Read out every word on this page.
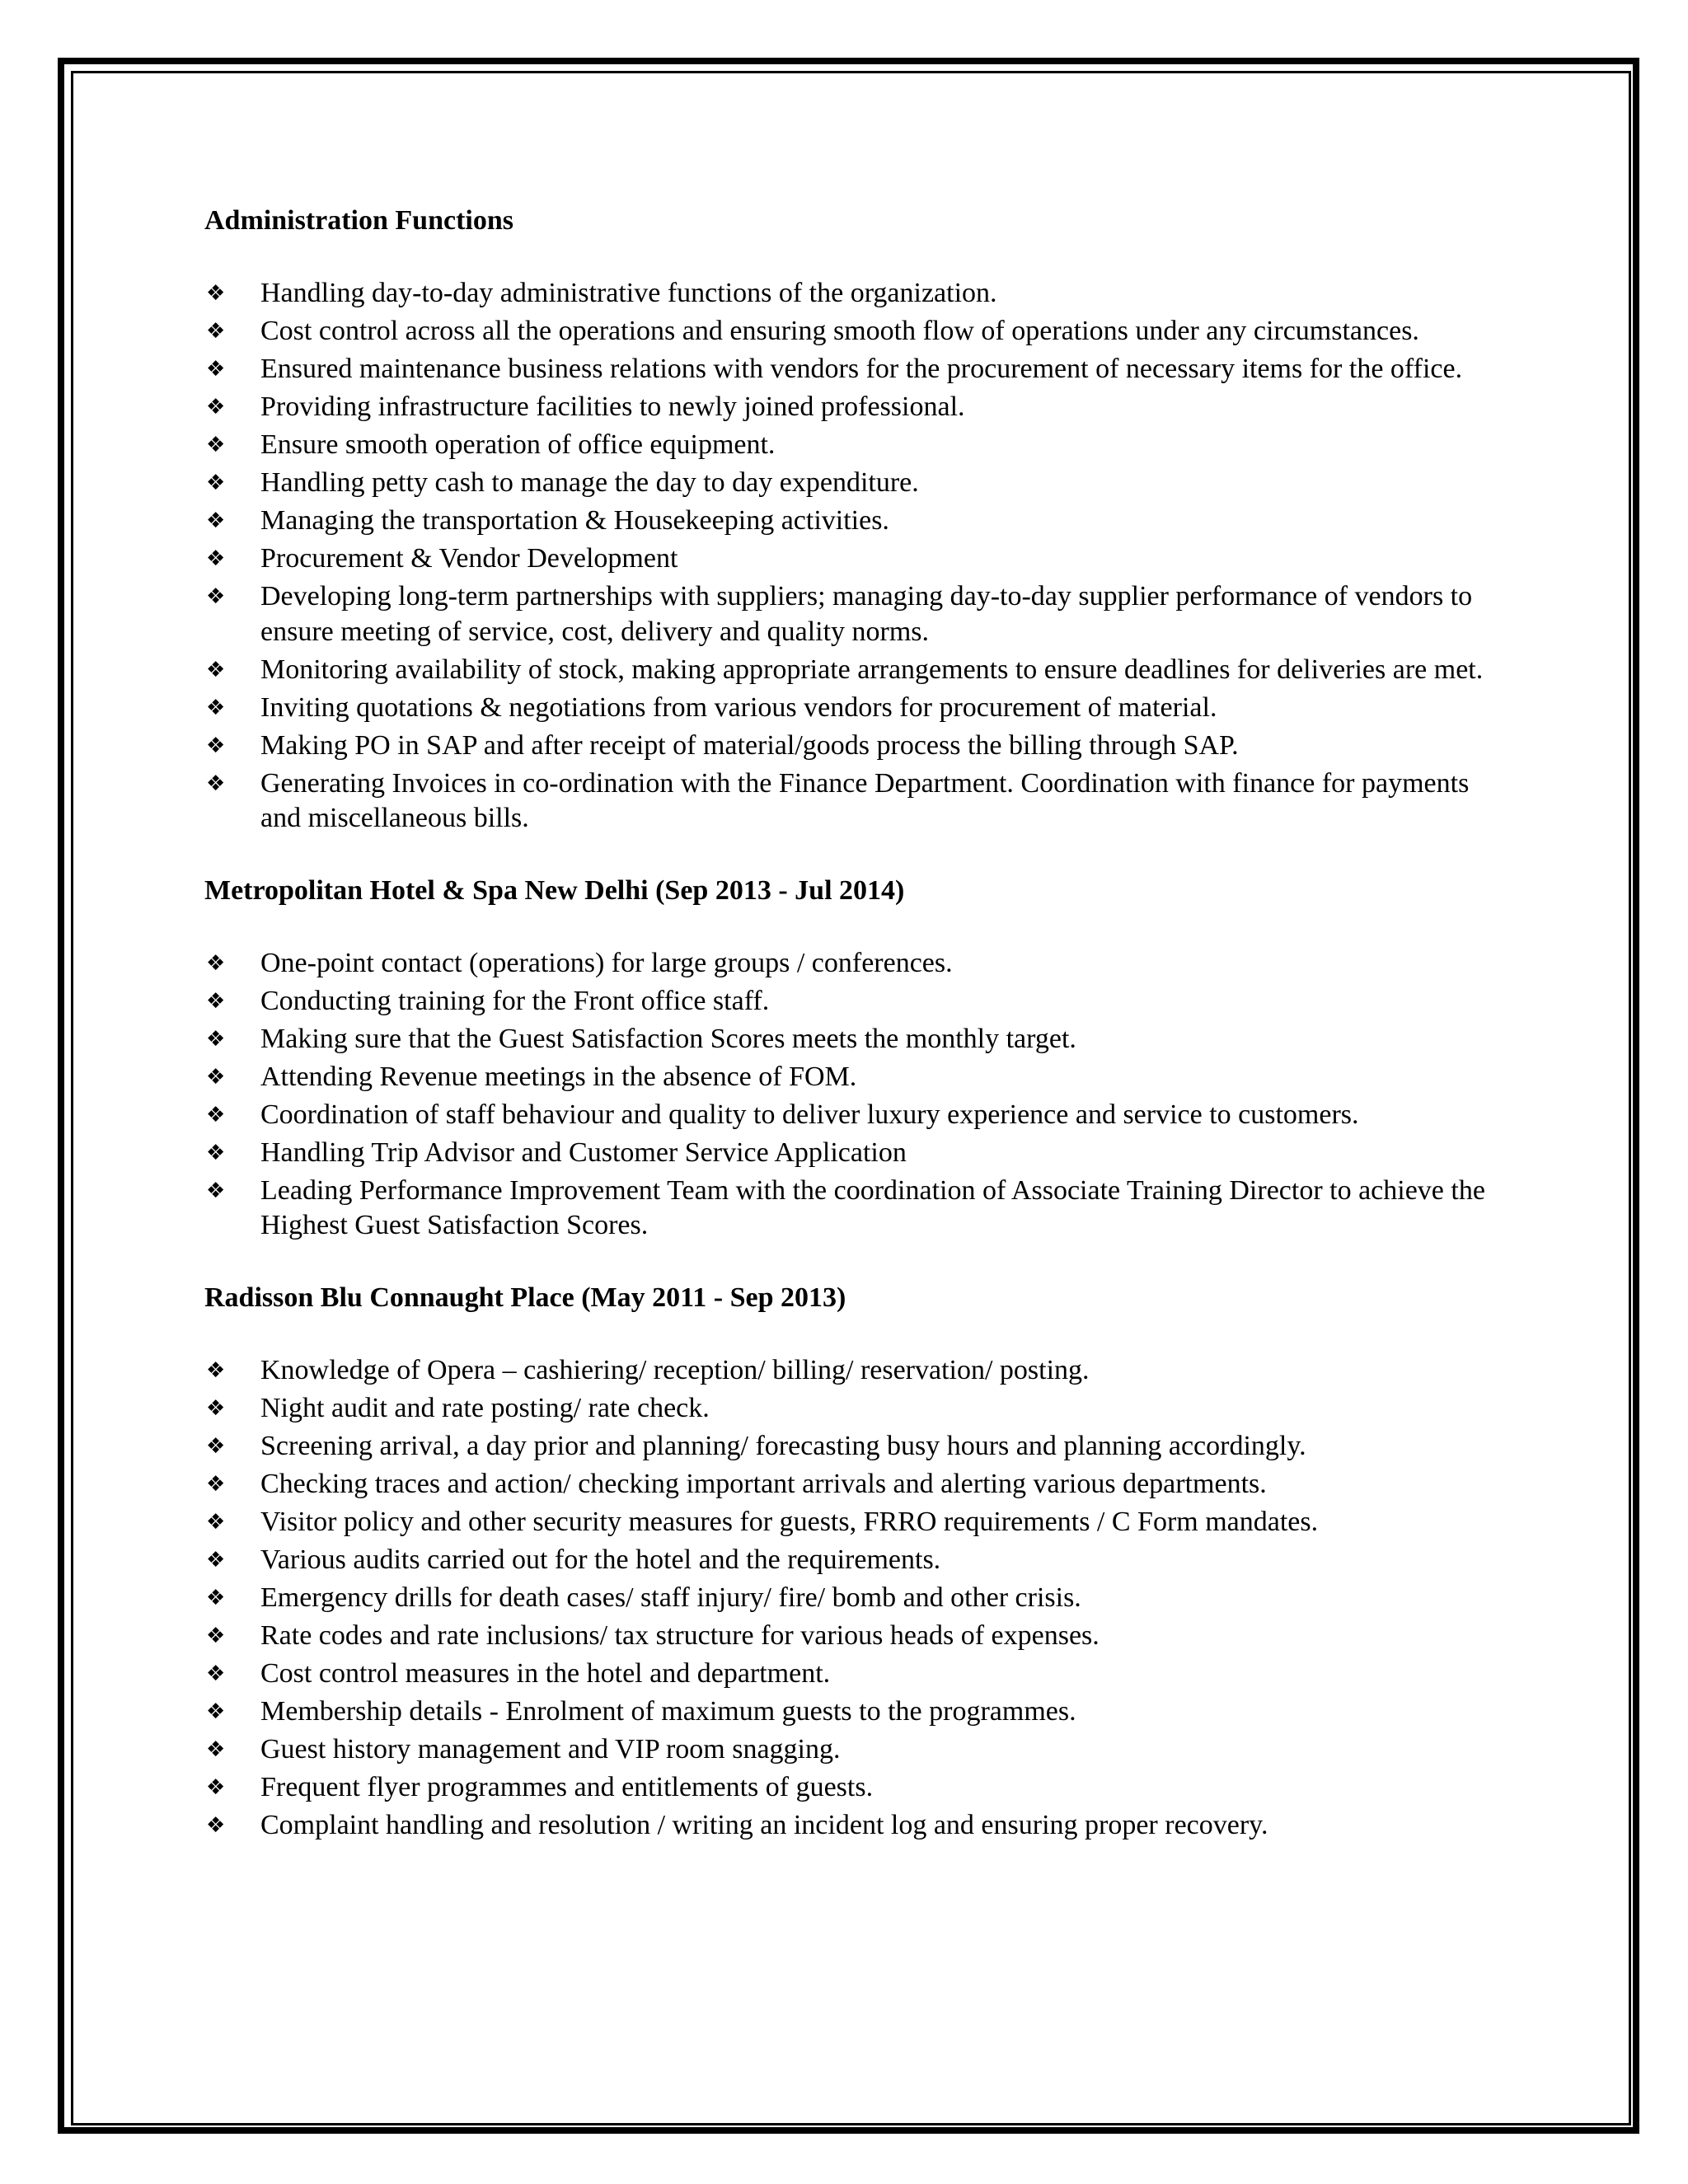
Administration Functions
❖ Handling day-to-day administrative functions of the organization.
❖ Cost control across all the operations and ensuring smooth flow of operations under any circumstances.
❖ Ensured maintenance business relations with vendors for the procurement of necessary items for the office.
❖ Providing infrastructure facilities to newly joined professional.
❖ Ensure smooth operation of office equipment.
❖ Handling petty cash to manage the day to day expenditure.
❖ Managing the transportation & Housekeeping activities.
❖ Procurement & Vendor Development
❖ Developing long-term partnerships with suppliers; managing day-to-day supplier performance of vendors to ensure meeting of service, cost, delivery and quality norms.
❖ Monitoring availability of stock, making appropriate arrangements to ensure deadlines for deliveries are met.
❖ Inviting quotations & negotiations from various vendors for procurement of material.
❖ Making PO in SAP and after receipt of material/goods process the billing through SAP.
❖ Generating Invoices in co-ordination with the Finance Department. Coordination with finance for payments and miscellaneous bills.
Metropolitan Hotel & Spa New Delhi (Sep 2013 - Jul 2014)
❖ One-point contact (operations) for large groups / conferences.
❖ Conducting training for the Front office staff.
❖ Making sure that the Guest Satisfaction Scores meets the monthly target.
❖ Attending Revenue meetings in the absence of FOM.
❖ Coordination of staff behaviour and quality to deliver luxury experience and service to customers.
❖ Handling Trip Advisor and Customer Service Application
❖ Leading Performance Improvement Team with the coordination of Associate Training Director to achieve the Highest Guest Satisfaction Scores.
Radisson Blu Connaught Place (May 2011 - Sep 2013)
❖ Knowledge of Opera – cashiering/ reception/ billing/ reservation/ posting.
❖ Night audit and rate posting/ rate check.
❖ Screening arrival, a day prior and planning/ forecasting busy hours and planning accordingly.
❖ Checking traces and action/ checking important arrivals and alerting various departments.
❖ Visitor policy and other security measures for guests, FRRO requirements / C Form mandates.
❖ Various audits carried out for the hotel and the requirements.
❖ Emergency drills for death cases/ staff injury/ fire/ bomb and other crisis.
❖ Rate codes and rate inclusions/ tax structure for various heads of expenses.
❖ Cost control measures in the hotel and department.
❖ Membership details - Enrolment of maximum guests to the programmes.
❖ Guest history management and VIP room snagging.
❖ Frequent flyer programmes and entitlements of guests.
❖ Complaint handling and resolution / writing an incident log and ensuring proper recovery.
